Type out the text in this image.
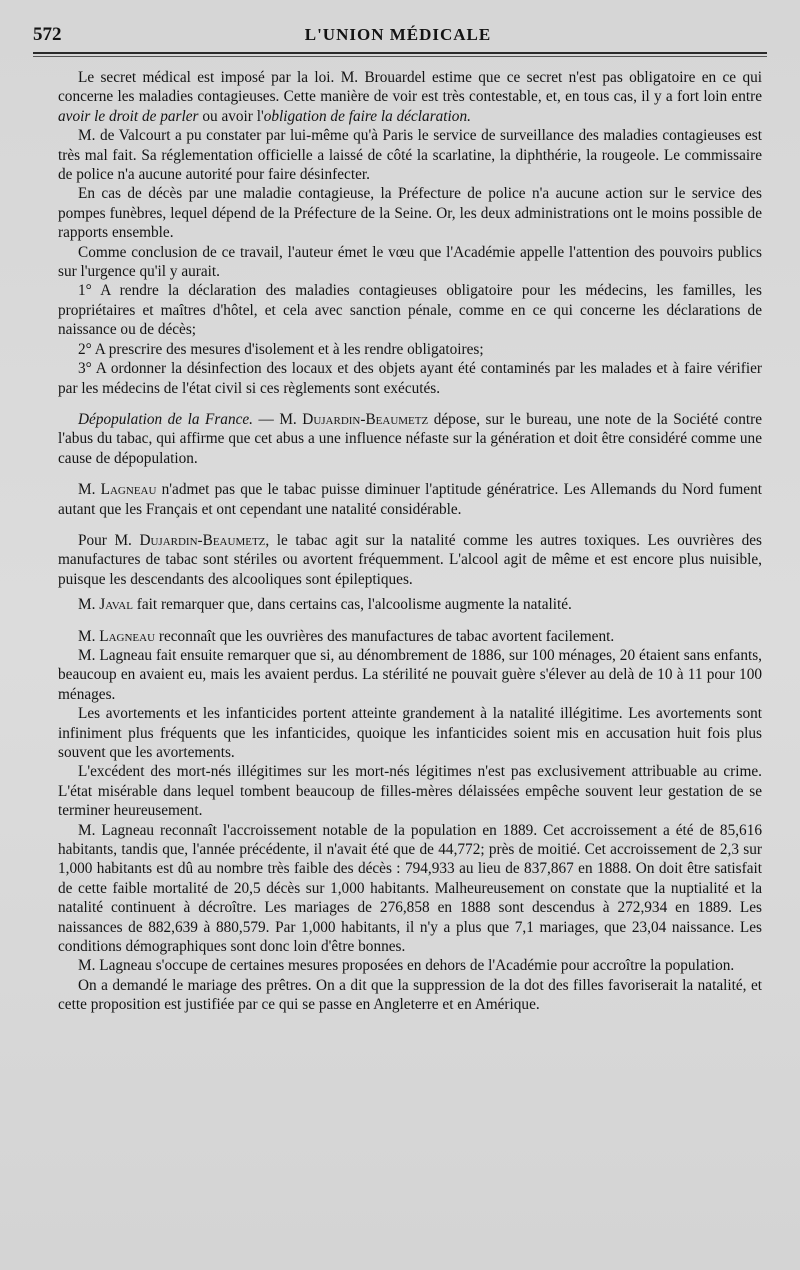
572	L'UNION MÉDICALE

Le secret médical est imposé par la loi. M. Brouardel estime que ce secret n'est pas obligatoire en ce qui concerne les maladies contagieuses. Cette manière de voir est très contestable, et, en tous cas, il y a fort loin entre avoir le droit de parler ou avoir l'obligation de faire la déclaration.

M. de Valcourt a pu constater par lui-même qu'à Paris le service de surveillance des maladies contagieuses est très mal fait. Sa réglementation officielle a laissé de côté la scarlatine, la diphthérie, la rougeole. Le commissaire de police n'a aucune autorité pour faire désinfecter.

En cas de décès par une maladie contagieuse, la Préfecture de police n'a aucune action sur le service des pompes funèbres, lequel dépend de la Préfecture de la Seine. Or, les deux administrations ont le moins possible de rapports ensemble.

Comme conclusion de ce travail, l'auteur émet le vœu que l'Académie appelle l'attention des pouvoirs publics sur l'urgence qu'il y aurait.

1° A rendre la déclaration des maladies contagieuses obligatoire pour les médecins, les familles, les propriétaires et maîtres d'hôtel, et cela avec sanction pénale, comme en ce qui concerne les déclarations de naissance ou de décès;

2° A prescrire des mesures d'isolement et à les rendre obligatoires;

3° A ordonner la désinfection des locaux et des objets ayant été contaminés par les malades et à faire vérifier par les médecins de l'état civil si ces règlements sont exécutés.

Dépopulation de la France. — M. Dujardin-Beaumetz dépose, sur le bureau, une note de la Société contre l'abus du tabac, qui affirme que cet abus a une influence néfaste sur la génération et doit être considéré comme une cause de dépopulation.

M. Lagneau n'admet pas que le tabac puisse diminuer l'aptitude génératrice. Les Allemands du Nord fument autant que les Français et ont cependant une natalité considérable.

Pour M. Dujardin-Beaumetz, le tabac agit sur la natalité comme les autres toxiques. Les ouvrières des manufactures de tabac sont stériles ou avortent fréquemment. L'alcool agit de même et est encore plus nuisible, puisque les descendants des alcooliques sont épileptiques.

M. Javal fait remarquer que, dans certains cas, l'alcoolisme augmente la natalité.

M. Lagneau reconnaît que les ouvrières des manufactures de tabac avortent facilement.

M. Lagneau fait ensuite remarquer que si, au dénombrement de 1886, sur 100 ménages, 20 étaient sans enfants, beaucoup en avaient eu, mais les avaient perdus. La stérilité ne pouvait guère s'élever au delà de 10 à 11 pour 100 ménages.

Les avortements et les infanticides portent atteinte grandement à la natalité illégitime. Les avortements sont infiniment plus fréquents que les infanticides, quoique les infanticides soient mis en accusation huit fois plus souvent que les avortements.

L'excédent des mort-nés illégitimes sur les mort-nés légitimes n'est pas exclusivement attribuable au crime. L'état misérable dans lequel tombent beaucoup de filles-mères délaissées empêche souvent leur gestation de se terminer heureusement.

M. Lagneau reconnaît l'accroissement notable de la population en 1889. Cet accroissement a été de 85,616 habitants, tandis que, l'année précédente, il n'avait été que de 44,772; près de moitié. Cet accroissement de 2,3 sur 1,000 habitants est dû au nombre très faible des décès : 794,933 au lieu de 837,867 en 1888. On doit être satisfait de cette faible mortalité de 20,5 décès sur 1,000 habitants. Malheureusement on constate que la nuptialité et la natalité continuent à décroître. Les mariages de 276,858 en 1888 sont descendus à 272,934 en 1889. Les naissances de 882,639 à 880,579. Par 1,000 habitants, il n'y a plus que 7,1 mariages, que 23,04 naissance. Les conditions démographiques sont donc loin d'être bonnes.

M. Lagneau s'occupe de certaines mesures proposées en dehors de l'Académie pour accroître la population.

On a demandé le mariage des prêtres. On a dit que la suppression de la dot des filles favoriserait la natalité, et cette proposition est justifiée par ce qui se passe en Angleterre et en Amérique.
